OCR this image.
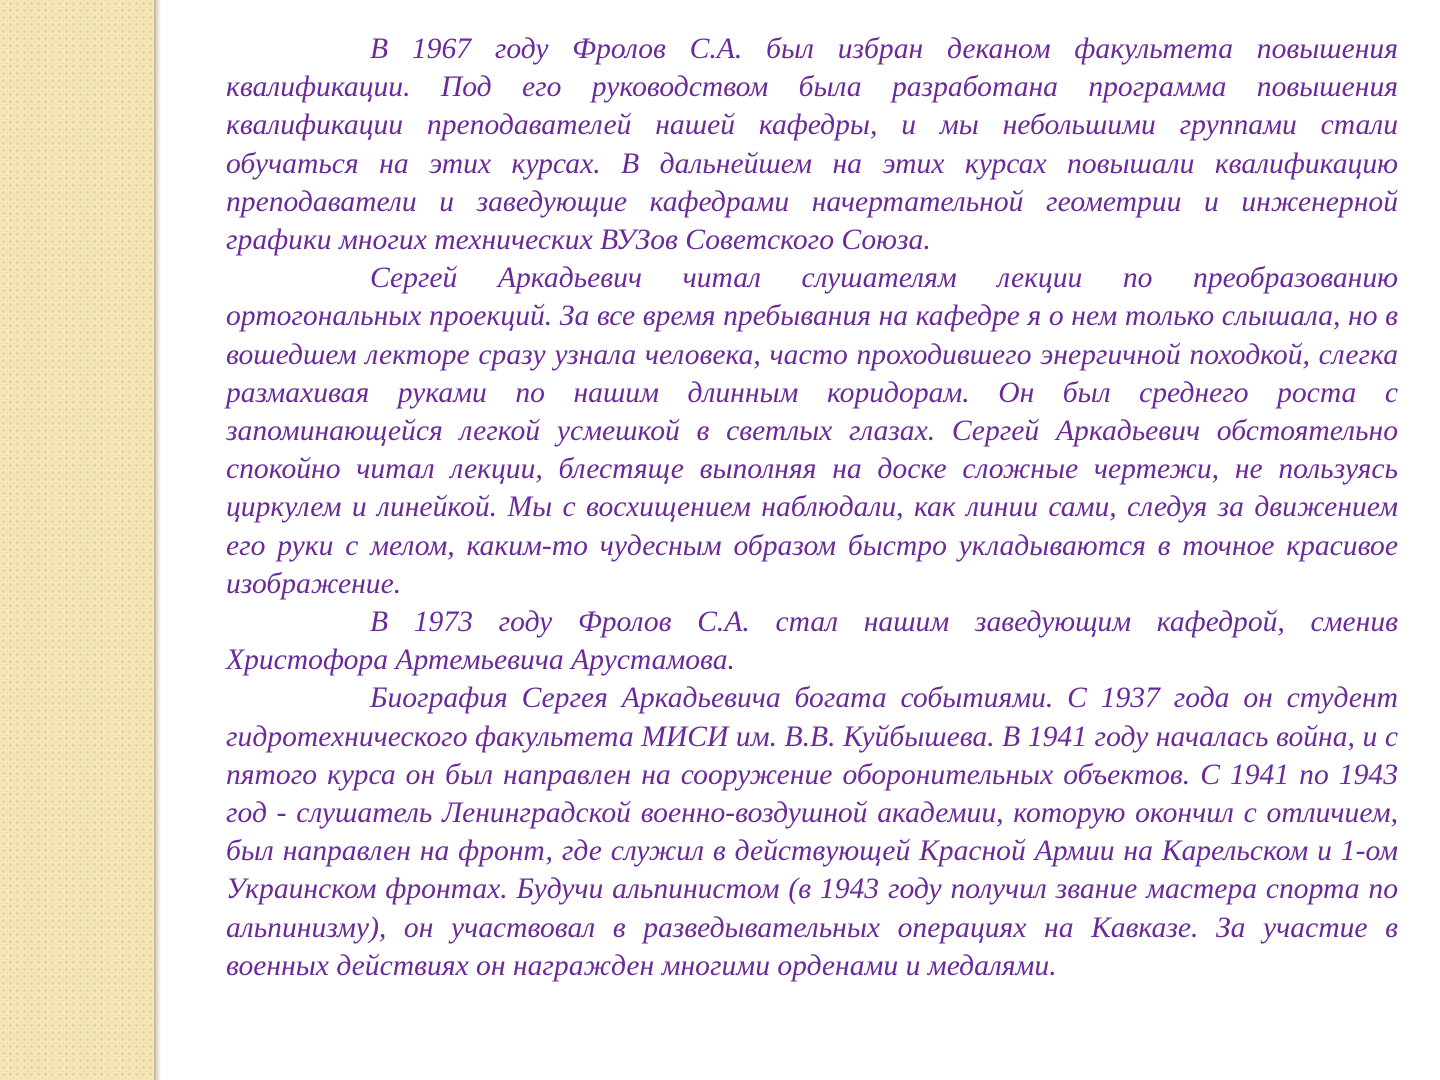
В 1967 году Фролов С.А. был избран деканом факультета повышения квалификации. Под его руководством была разработана программа повышения квалификации преподавателей нашей кафедры, и мы небольшими группами стали обучаться на этих курсах. В дальнейшем на этих курсах повышали квалификацию преподаватели и заведующие кафедрами начертательной геометрии и инженерной графики многих технических ВУЗов Советского Союза.

Сергей Аркадьевич читал слушателям лекции по преобразованию ортогональных проекций. За все время пребывания на кафедре я о нем только слышала, но в вошедшем лекторе сразу узнала человека, часто проходившего энергичной походкой, слегка размахивая руками по нашим длинным коридорам. Он был среднего роста с запоминающейся легкой усмешкой в светлых глазах. Сергей Аркадьевич обстоятельно спокойно читал лекции, блестяще выполняя на доске сложные чертежи, не пользуясь циркулем и линейкой. Мы с восхищением наблюдали, как линии сами, следуя за движением его руки с мелом, каким-то чудесным образом быстро укладываются в точное красивое изображение.

В 1973 году Фролов С.А. стал нашим заведующим кафедрой, сменив Христофора Артемьевича Арустамова.

Биография Сергея Аркадьевича богата событиями. С 1937 года он студент гидротехнического факультета МИСИ им. В.В. Куйбышева. В 1941 году началась война, и с пятого курса он был направлен на сооружение оборонительных объектов. С 1941 по 1943 год - слушатель Ленинградской военно-воздушной академии, которую окончил с отличием, был направлен на фронт, где служил в действующей Красной Армии на Карельском и 1-ом Украинском фронтах. Будучи альпинистом (в 1943 году получил звание мастера спорта по альпинизму), он участвовал в разведывательных операциях на Кавказе. За участие в военных действиях он награжден многими орденами и медалями.
